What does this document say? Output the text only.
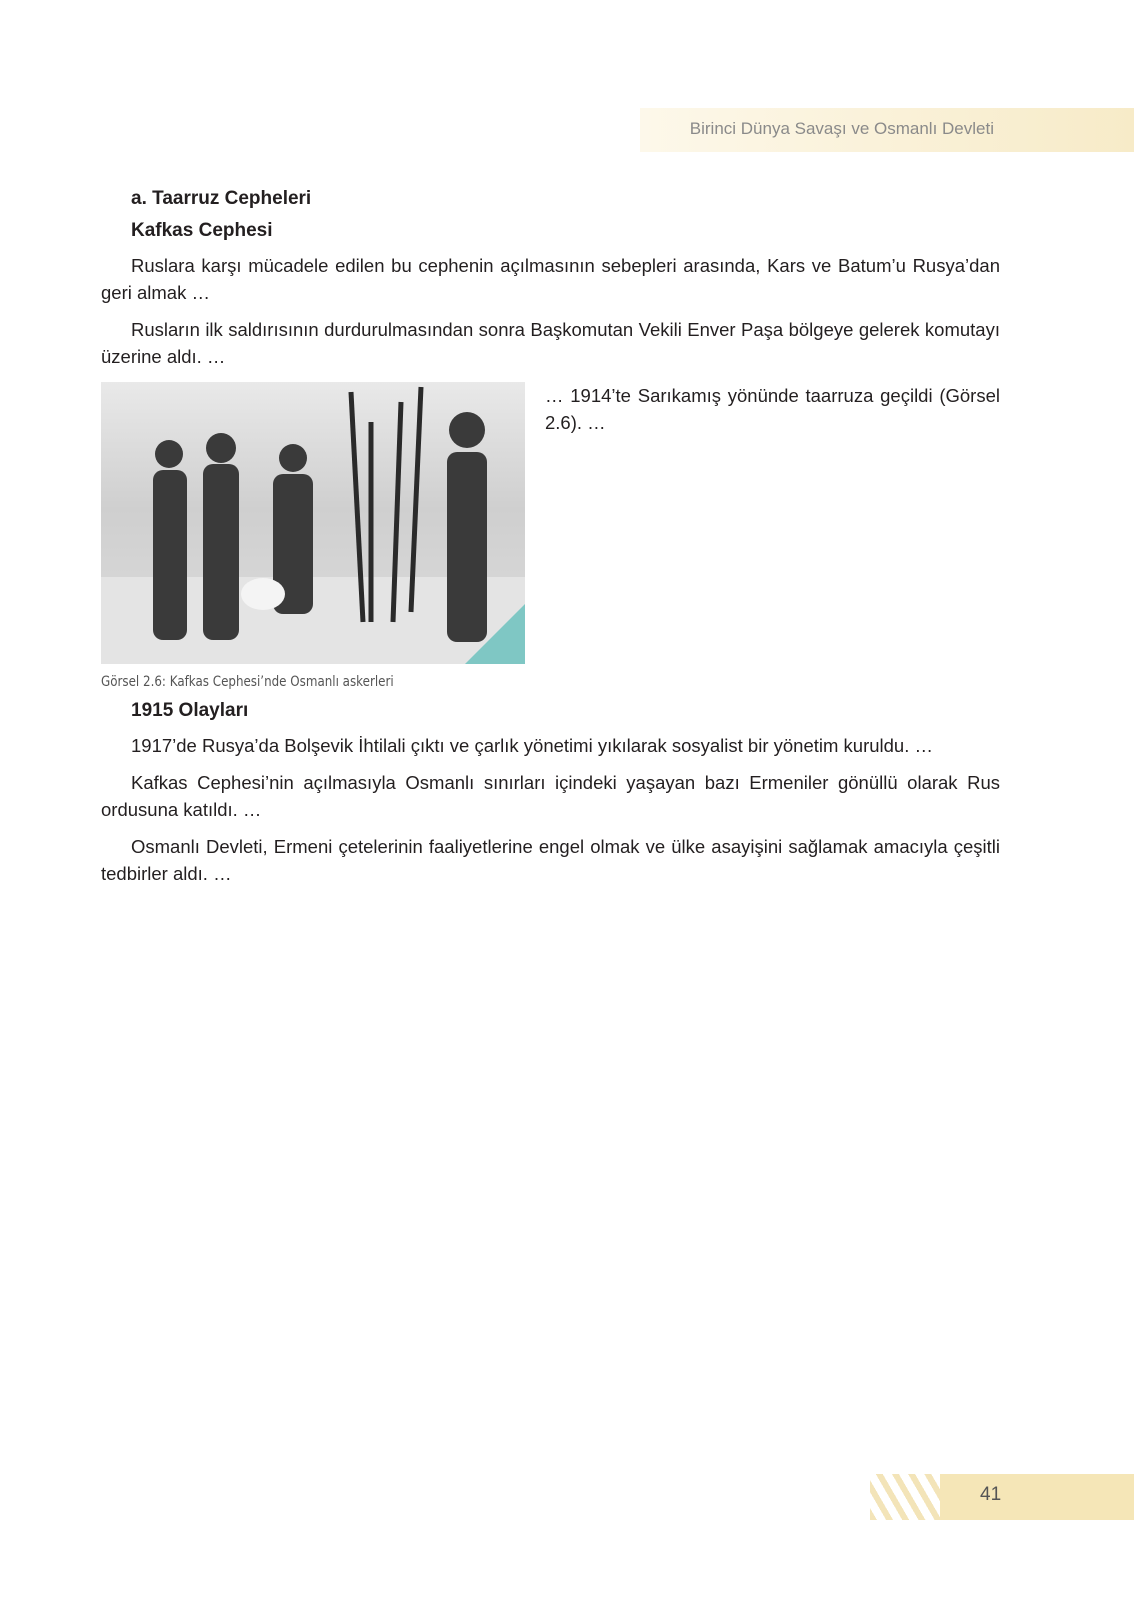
Birinci Dünya Savaşı ve Osmanlı Devleti
a. Taarruz Cepheleri
Kafkas Cephesi

Ruslara karşı mücadele edilen bu cephenin açılmasının sebepleri arasında, Kars ve Batum’u Rusya’dan geri almak …

Rusların ilk saldırısının durdurulmasından sonra Başkomutan Vekili Enver Paşa bölgeye gelerek komutayı üzerine aldı. …

Görsel 2.6: Kafkas Cephesi’nde Osmanlı askerleri

… 1914’te Sarıkamış yönünde taarruza geçildi (Görsel 2.6). …

1915 Olayları

1917’de Rusya’da Bolşevik İhtilali çıktı ve çarlık yönetimi yıkılarak sosyalist bir yönetim kuruldu. …

Kafkas Cephesi’nin açılmasıyla Osmanlı sınırları içindeki yaşayan bazı Ermeniler gönüllü olarak Rus ordusuna katıldı. …

Osmanlı Devleti, Ermeni çetelerinin faaliyetlerine engel olmak ve ülke asayişini sağlamak amacıyla çeşitli tedbirler aldı. …

41
